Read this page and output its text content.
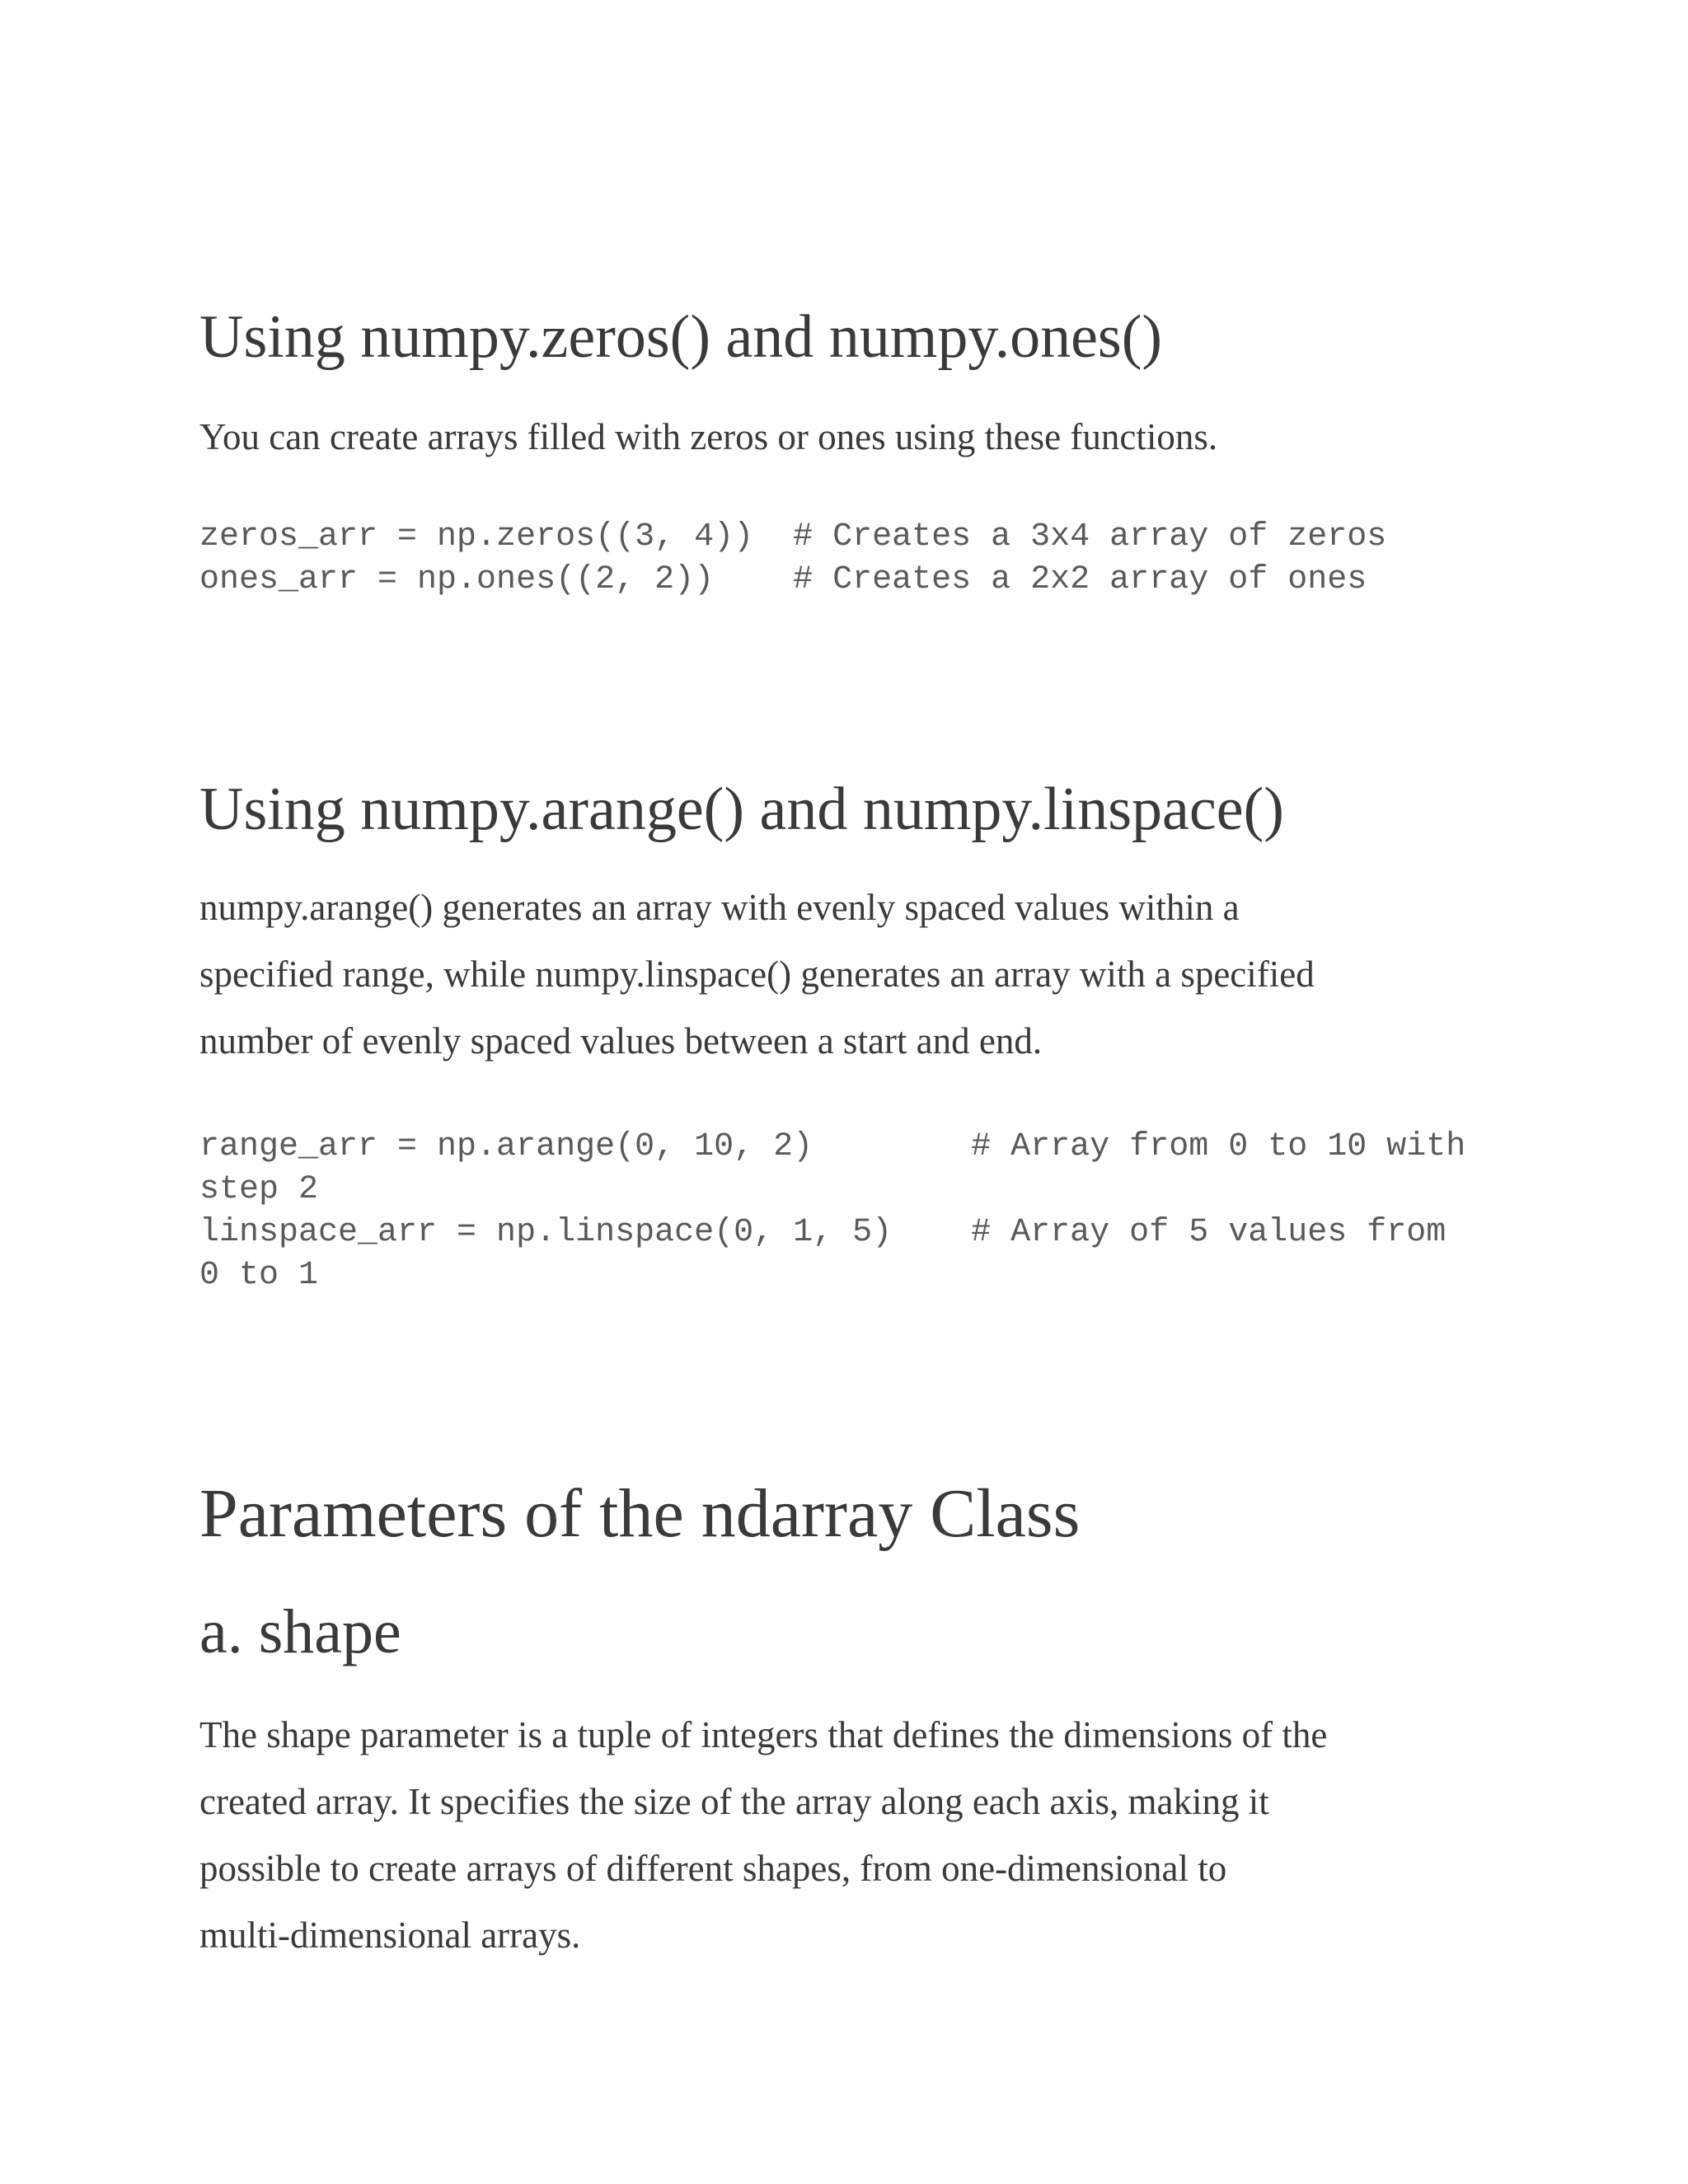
Using numpy.zeros() and numpy.ones()

You can create arrays filled with zeros or ones using these functions.

zeros_arr = np.zeros((3, 4))  # Creates a 3x4 array of zeros
ones_arr = np.ones((2, 2))    # Creates a 2x2 array of ones
Using numpy.arange() and numpy.linspace()

numpy.arange() generates an array with evenly spaced values within a
specified range, while numpy.linspace() generates an array with a specified
number of evenly spaced values between a start and end.

range_arr = np.arange(0, 10, 2)        # Array from 0 to 10 with
step 2
linspace_arr = np.linspace(0, 1, 5)    # Array of 5 values from
0 to 1
Parameters of the ndarray Class
a. shape

The shape parameter is a tuple of integers that defines the dimensions of the
created array. It specifies the size of the array along each axis, making it
possible to create arrays of different shapes, from one-dimensional to
multi-dimensional arrays.
